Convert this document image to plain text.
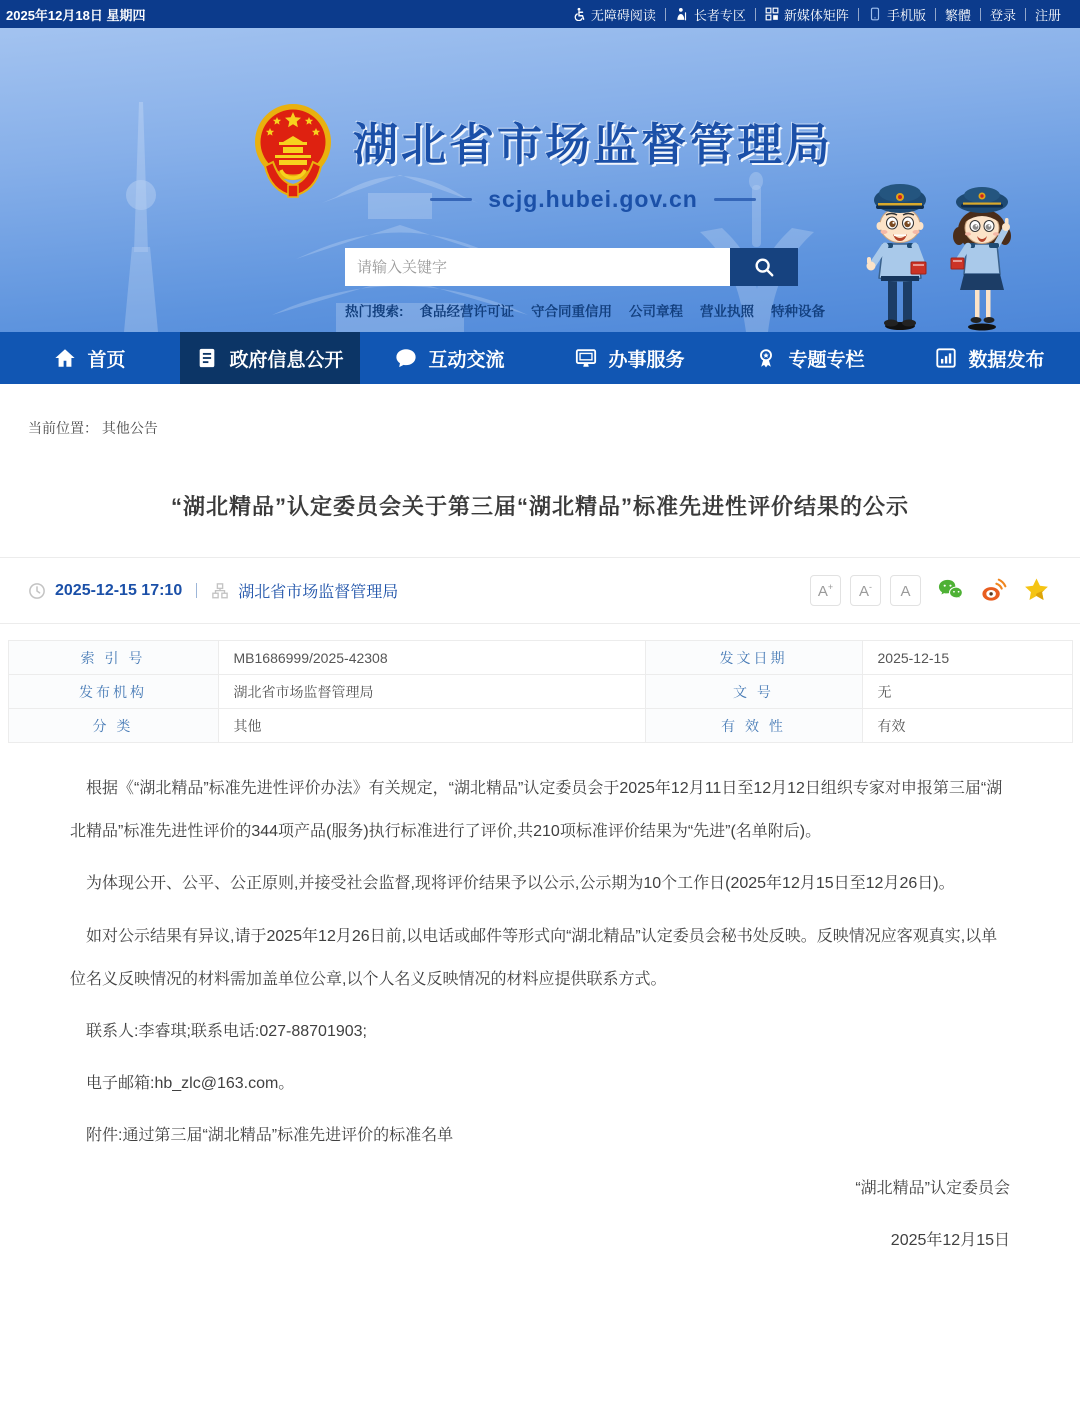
2025年12月18日 星期四	无障碍阅读	长者专区	新媒体矩阵	手机版 繁體 登录 注册
湖北省市场监督管理局
scjg.hubei.gov.cn
请输入关键字
热门搜索: 食品经营许可证 守合同重信用 公司章程 营业执照 特种设备
首页	政府信息公开	互动交流	办事服务	专题专栏	数据发布
当前位置： 其他公告
“湖北精品”认定委员会关于第三届“湖北精品”标准先进性评价结果的公示
2025-12-15 17:10	湖北省市场监督管理局	A+	A-	A
索 引 号	MB1686999/2025-42308	发文日期	2025-12-15
发布机构	湖北省市场监督管理局	文 号	无
分 类	其他	有 效 性	有效

根据《“湖北精品”标准先进性评价办法》有关规定，“湖北精品”认定委员会于2025年12月11日至12月12日组织专家对申报第三届“湖北精品”标准先进性评价的344项产品(服务)执行标准进行了评价,共210项标准评价结果为“先进”(名单附后)。

为体现公开、公平、公正原则,并接受社会监督,现将评价结果予以公示,公示期为10个工作日(2025年12月15日至12月26日)。

如对公示结果有异议,请于2025年12月26日前,以电话或邮件等形式向“湖北精品”认定委员会秘书处反映。反映情况应客观真实,以单位名义反映情况的材料需加盖单位公章,以个人名义反映情况的材料应提供联系方式。

联系人:李睿琪;联系电话:027-88701903;

电子邮箱:hb_zlc@163.com。

附件:通过第三届“湖北精品”标准先进评价的标准名单

“湖北精品”认定委员会

2025年12月15日
